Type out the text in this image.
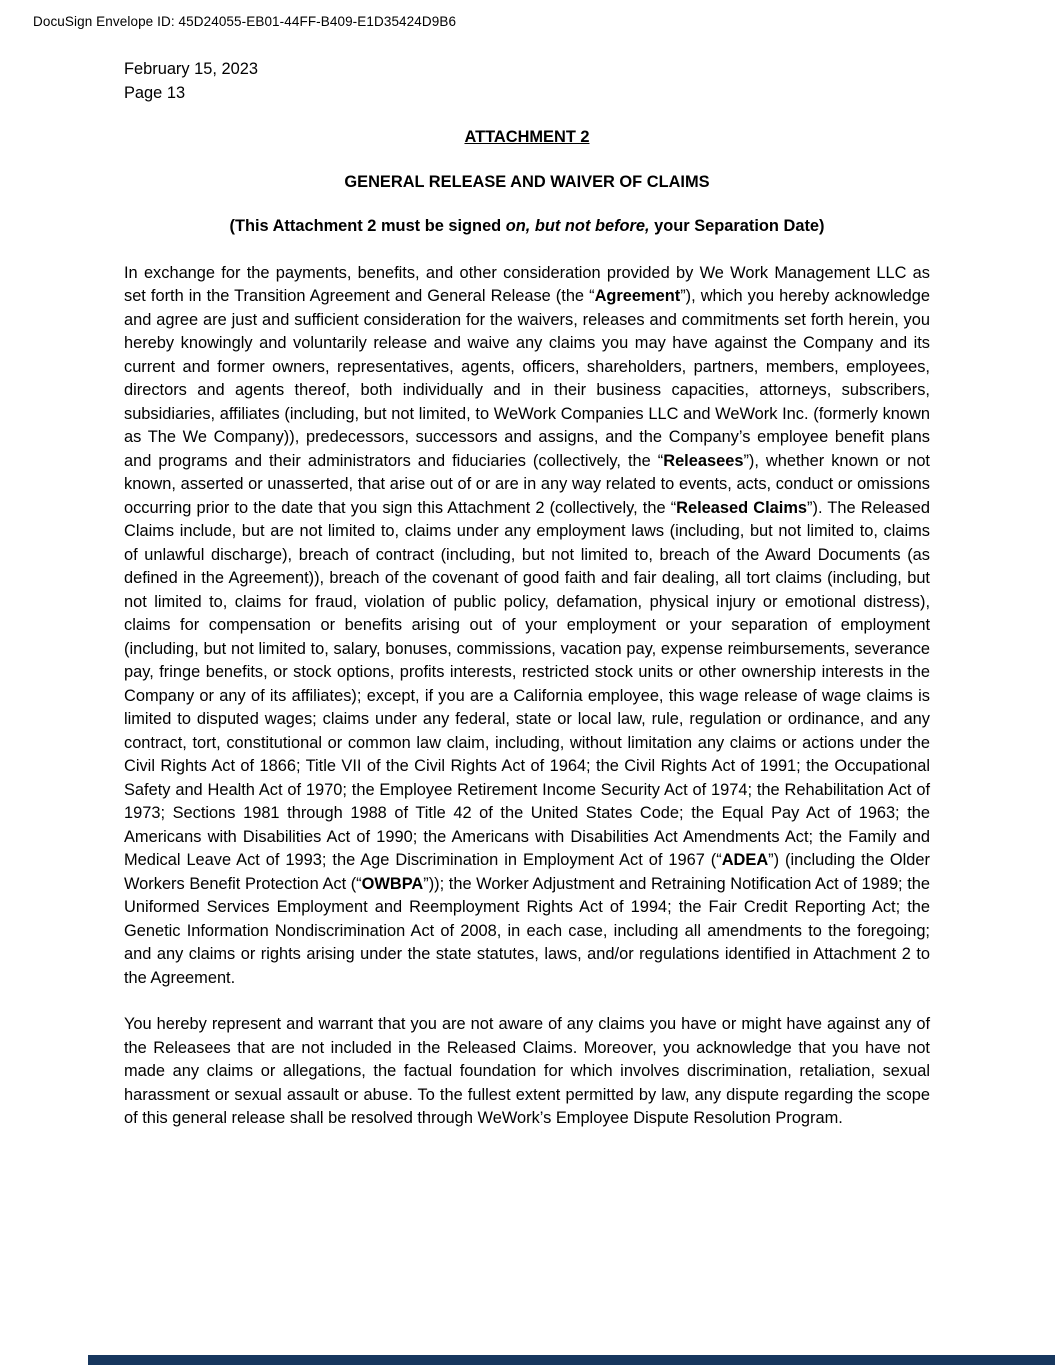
DocuSign Envelope ID: 45D24055-EB01-44FF-B409-E1D35424D9B6
February 15, 2023
Page 13
ATTACHMENT 2
GENERAL RELEASE AND WAIVER OF CLAIMS

(This Attachment 2 must be signed on, but not before, your Separation Date)

In exchange for the payments, benefits, and other consideration provided by We Work Management LLC as set forth in the Transition Agreement and General Release (the “Agreement”), which you hereby acknowledge and agree are just and sufficient consideration for the waivers, releases and commitments set forth herein, you hereby knowingly and voluntarily release and waive any claims you may have against the Company and its current and former owners, representatives, agents, officers, shareholders, partners, members, employees, directors and agents thereof, both individually and in their business capacities, attorneys, subscribers, subsidiaries, affiliates (including, but not limited, to WeWork Companies LLC and WeWork Inc. (formerly known as The We Company)), predecessors, successors and assigns, and the Company’s employee benefit plans and programs and their administrators and fiduciaries (collectively, the “Releasees”), whether known or not known, asserted or unasserted, that arise out of or are in any way related to events, acts, conduct or omissions occurring prior to the date that you sign this Attachment 2 (collectively, the “Released Claims”). The Released Claims include, but are not limited to, claims under any employment laws (including, but not limited to, claims of unlawful discharge), breach of contract (including, but not limited to, breach of the Award Documents (as defined in the Agreement)), breach of the covenant of good faith and fair dealing, all tort claims (including, but not limited to, claims for fraud, violation of public policy, defamation, physical injury or emotional distress), claims for compensation or benefits arising out of your employment or your separation of employment (including, but not limited to, salary, bonuses, commissions, vacation pay, expense reimbursements, severance pay, fringe benefits, or stock options, profits interests, restricted stock units or other ownership interests in the Company or any of its affiliates); except, if you are a California employee, this wage release of wage claims is limited to disputed wages; claims under any federal, state or local law, rule, regulation or ordinance, and any contract, tort, constitutional or common law claim, including, without limitation any claims or actions under the Civil Rights Act of 1866; Title VII of the Civil Rights Act of 1964; the Civil Rights Act of 1991; the Occupational Safety and Health Act of 1970; the Employee Retirement Income Security Act of 1974; the Rehabilitation Act of 1973; Sections 1981 through 1988 of Title 42 of the United States Code; the Equal Pay Act of 1963; the Americans with Disabilities Act of 1990; the Americans with Disabilities Act Amendments Act; the Family and Medical Leave Act of 1993; the Age Discrimination in Employment Act of 1967 (“ADEA”) (including the Older Workers Benefit Protection Act (“OWBPA”)); the Worker Adjustment and Retraining Notification Act of 1989; the Uniformed Services Employment and Reemployment Rights Act of 1994; the Fair Credit Reporting Act; the Genetic Information Nondiscrimination Act of 2008, in each case, including all amendments to the foregoing; and any claims or rights arising under the state statutes, laws, and/or regulations identified in Attachment 2 to the Agreement.

You hereby represent and warrant that you are not aware of any claims you have or might have against any of the Releasees that are not included in the Released Claims. Moreover, you acknowledge that you have not made any claims or allegations, the factual foundation for which involves discrimination, retaliation, sexual harassment or sexual assault or abuse. To the fullest extent permitted by law, any dispute regarding the scope of this general release shall be resolved through WeWork’s Employee Dispute Resolution Program.
